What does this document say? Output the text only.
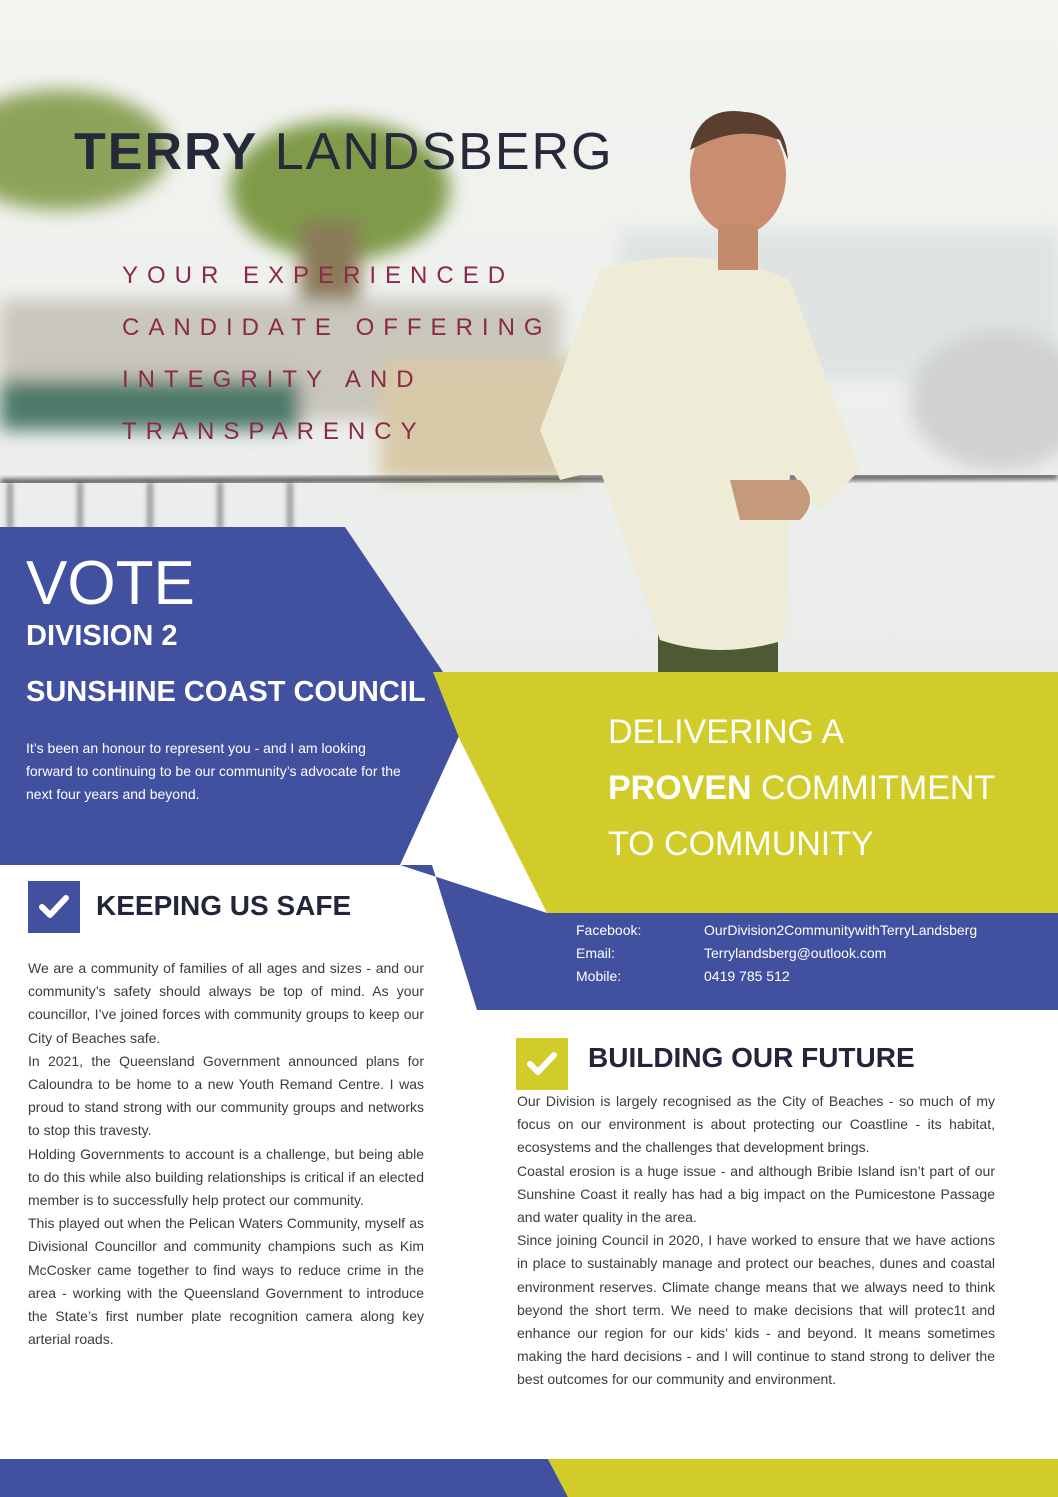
TERRY LANDSBERG
YOUR EXPERIENCED
CANDIDATE OFFERING
INTEGRITY AND
TRANSPARENCY
VOTE
DIVISION 2
SUNSHINE COAST COUNCIL
It’s been an honour to represent you - and I am looking forward to continuing to be our community’s advocate for the next four years and beyond.
DELIVERING A
PROVEN COMMITMENT
TO COMMUNITY
Facebook:	OurDivision2CommunitywithTerryLandsberg
Email:	Terrylandsberg@outlook.com
Mobile:	0419 785 512
KEEPING US SAFE

We are a community of families of all ages and sizes - and our community’s safety should always be top of mind. As your councillor, I’ve joined forces with community groups to keep our City of Beaches safe.

In 2021, the Queensland Government announced plans for Caloundra to be home to a new Youth Remand Centre. I was proud to stand strong with our community groups and networks to stop this travesty.

Holding Governments to account is a challenge, but being able to do this while also building relationships is critical if an elected member is to successfully help protect our community.

This played out when the Pelican Waters Community, myself as Divisional Councillor and community champions such as Kim McCosker came together to find ways to reduce crime in the area - working with the Queensland Government to introduce the State’s first number plate recognition camera along key arterial roads.

BUILDING OUR FUTURE

Our Division is largely recognised as the City of Beaches - so much of my focus on our environment is about protecting our Coastline - its habitat, ecosystems and the challenges that development brings.

Coastal erosion is a huge issue - and although Bribie Island isn’t part of our Sunshine Coast it really has had a big impact on the Pumicestone Passage and water quality in the area.

Since joining Council in 2020, I have worked to ensure that we have actions in place to sustainably manage and protect our beaches, dunes and coastal environment reserves. Climate change means that we always need to think beyond the short term. We need to make decisions that will protec1t and enhance our region for our kids’ kids - and beyond. It means sometimes making the hard decisions - and I will continue to stand strong to deliver the best outcomes for our community and environment.
